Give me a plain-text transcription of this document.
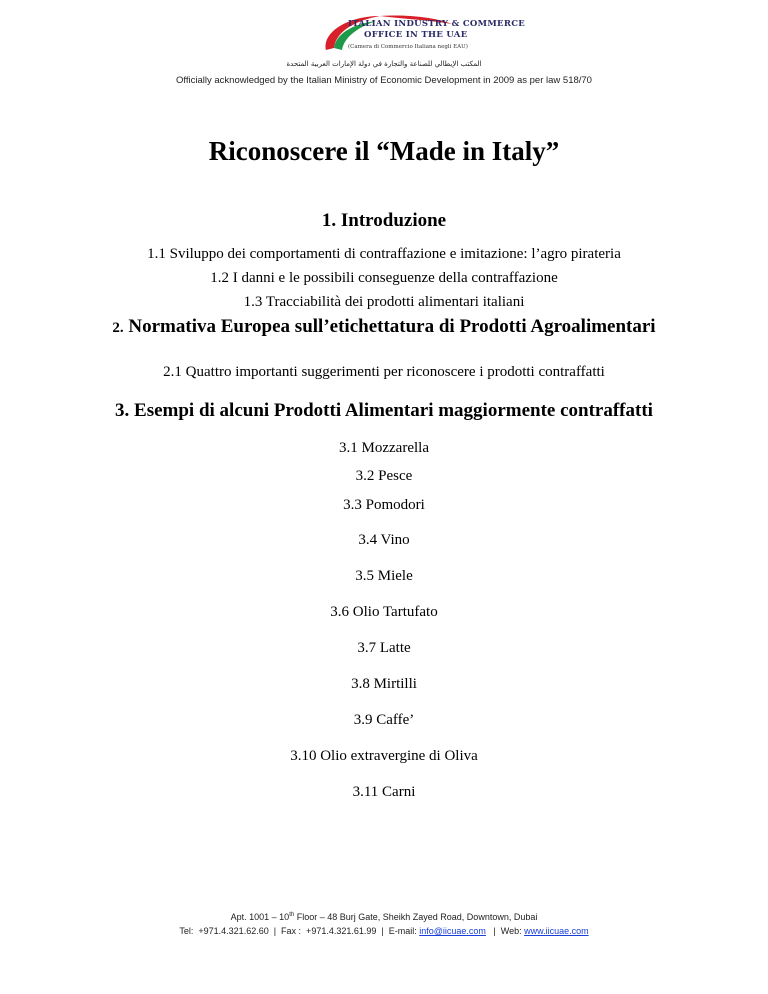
ITALIAN INDUSTRY & COMMERCE
OFFICE IN THE UAE
(Camera di Commercio Italiana negli EAU)
المكتب الإيطالي للصناعة والتجارة في دولة الإمارات العربية المتحدة
Officially acknowledged by the Italian Ministry of Economic Development in 2009 as per law 518/70
Riconoscere il “Made in Italy”
1. Introduzione
1.1 Sviluppo dei comportamenti di contraffazione e imitazione: l’agro pirateria
1.2 I danni e le possibili conseguenze della contraffazione
1.3 Tracciabilità dei prodotti alimentari italiani
2. Normativa Europea sull’etichettatura di Prodotti Agroalimentari
2.1 Quattro importanti suggerimenti per riconoscere i prodotti contraffatti
3. Esempi di alcuni Prodotti Alimentari maggiormente contraffatti
3.1 Mozzarella
3.2 Pesce
3.3 Pomodori
3.4 Vino
3.5 Miele
3.6 Olio Tartufato
3.7 Latte
3.8 Mirtilli
3.9 Caffe’
3.10 Olio extravergine di Oliva
3.11 Carni
Apt. 1001 – 10th Floor – 48 Burj Gate, Sheikh Zayed Road, Downtown, Dubai
Tel:  +971.4.321.62.60  |  Fax :  +971.4.321.61.99  |  E-mail: info@iicuae.com   |  Web: www.iicuae.com
